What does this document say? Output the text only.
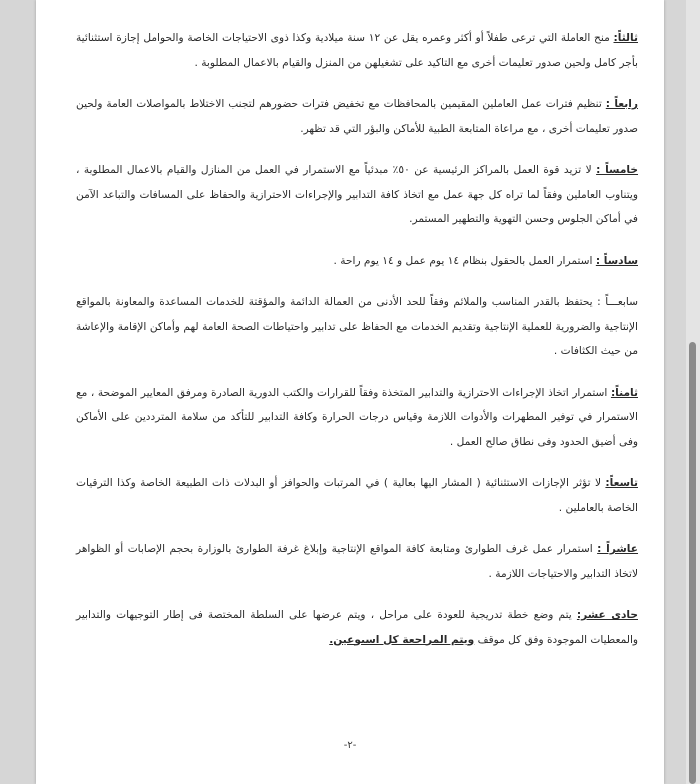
ثالثاً: منح العاملة التي ترعى طفلاً أو أكثر وعمره يقل عن ١٢ سنة ميلادية وكذا ذوى الاحتياجات الخاصة والحوامل إجازة استثنائية بأجر كامل ولحين صدور تعليمات أخرى مع التاكيد على تشغيلهن من المنزل والقيام بالاعمال المطلوبة .

رابعاً : تنظيم فترات عمل العاملين المقيمين بالمحافظات مع تخفيض فترات حضورهم لتجنب الاختلاط بالمواصلات العامة ولحين صدور تعليمات أخرى ، مع مراعاة المتابعة الطبية للأماكن والبؤر التي قد تظهر.

خامساً : لا تزيد قوة العمل بالمراكز الرئيسية عن ٥٠٪ مبدئياً مع الاستمرار في العمل من المنازل والقيام بالاعمال المطلوبة ، ويتناوب العاملين وفقاً لما تراه كل جهة عمل مع اتخاذ كافة التدابير والإجراءات الاحترازية والحفاظ على المسافات والتباعد الآمن في أماكن الجلوس وحسن التهوية والتطهير المستمر.

سادساً : استمرار العمل بالحقول بنظام ١٤ يوم عمل و ١٤ يوم راحة .

سابعـــاً : يحتفظ بالقدر المناسب والملائم وفقاً للحد الأدنى من العمالة الدائمة والمؤقتة للخدمات المساعدة والمعاونة بالمواقع الإنتاجية والضرورية للعملية الإنتاجية وتقديم الخدمات مع الحفاظ على تدابير واحتياطات الصحة العامة لهم وأماكن الإقامة والإعاشة من حيث الكثافات .

ثامناً: استمرار اتخاذ الإجراءات الاحترازية والتدابير المتخذة وفقاً للقرارات والكتب الدورية الصادرة ومرفق المعايير الموضحة ، مع الاستمرار في توفير المطهرات والأدوات اللازمة وقياس درجات الحرارة وكافة التدابير للتأكد من سلامة المترددين على الأماكن وفى أضيق الحدود وفى نطاق صالح العمل .

تاسعاً: لا تؤثر الإجازات الاستثنائية ( المشار اليها بعالية ) في المرتبات والحوافز أو البدلات ذات الطبيعة الخاصة وكذا الترقيات الخاصة بالعاملين .

عاشراً : استمرار عمل غرف الطوارئ ومتابعة كافة المواقع الإنتاجية وإبلاغ غرفة الطوارئ بالوزارة بحجم الإصابات أو الظواهر لاتخاذ التدابير والاحتياجات اللازمة .

حادى عشر: يتم وضع خطة تدريجية للعودة على مراحل ، ويتم عرضها على السلطة المختصة فى إطار التوجيهات والتدابير والمعطيات الموجودة وفق كل موقف ويتم المراجعة كل اسبوعين.

-٢-
